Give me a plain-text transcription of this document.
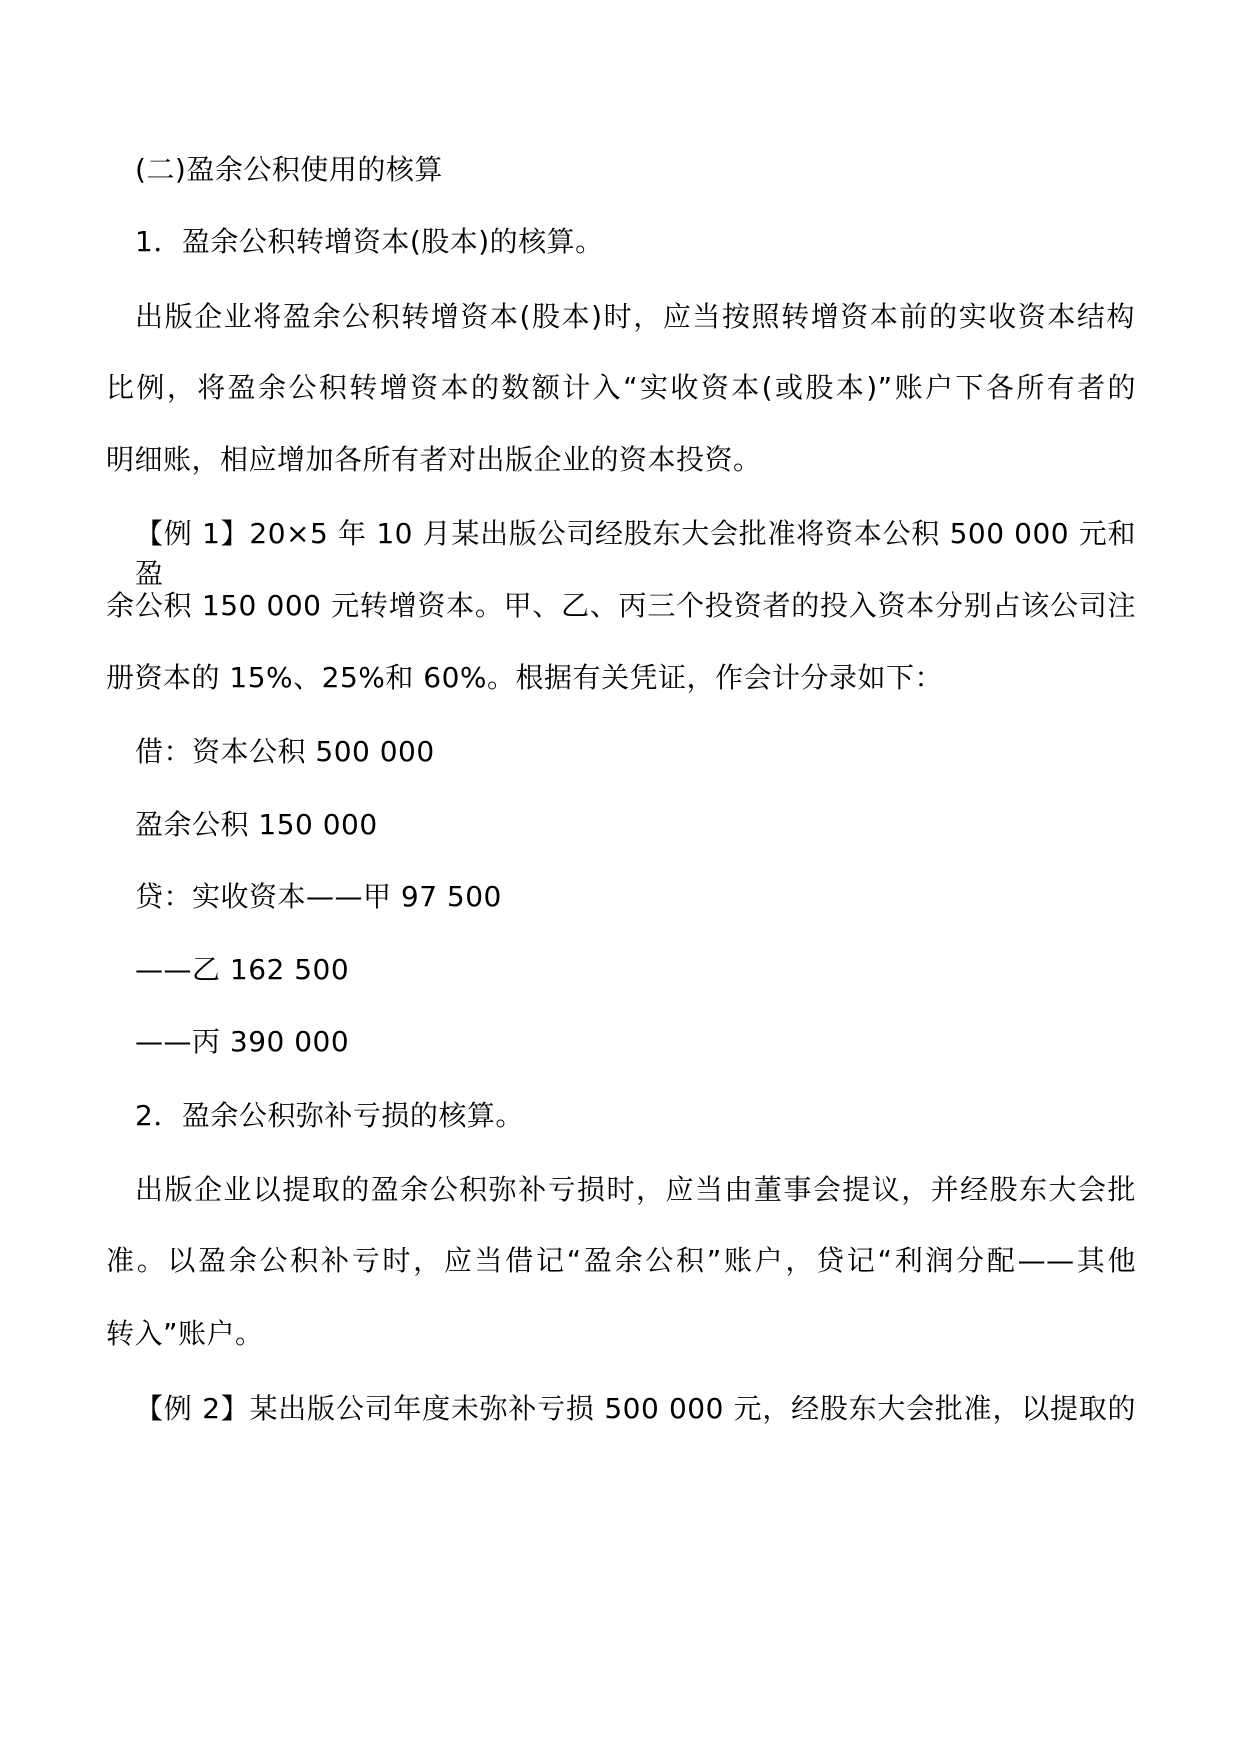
(二)盈余公积使用的核算
1．盈余公积转增资本(股本)的核算。
出版企业将盈余公积转增资本(股本)时，应当按照转增资本前的实收资本结构
比例，将盈余公积转增资本的数额计入“实收资本(或股本)”账户下各所有者的
明细账，相应增加各所有者对出版企业的资本投资。
【例 1】20×5 年 10 月某出版公司经股东大会批准将资本公积 500 000 元和盈
余公积 150 000 元转增资本。甲、乙、丙三个投资者的投入资本分别占该公司注
册资本的 15%、25%和 60%。根据有关凭证，作会计分录如下：
借：资本公积 500 000
盈余公积 150 000
贷：实收资本——甲 97 500
——乙 162 500
——丙 390 000
2．盈余公积弥补亏损的核算。
出版企业以提取的盈余公积弥补亏损时，应当由董事会提议，并经股东大会批
准。以盈余公积补亏时，应当借记“盈余公积”账户，贷记“利润分配——其他
转入”账户。
【例 2】某出版公司年度未弥补亏损 500 000 元，经股东大会批准，以提取的
